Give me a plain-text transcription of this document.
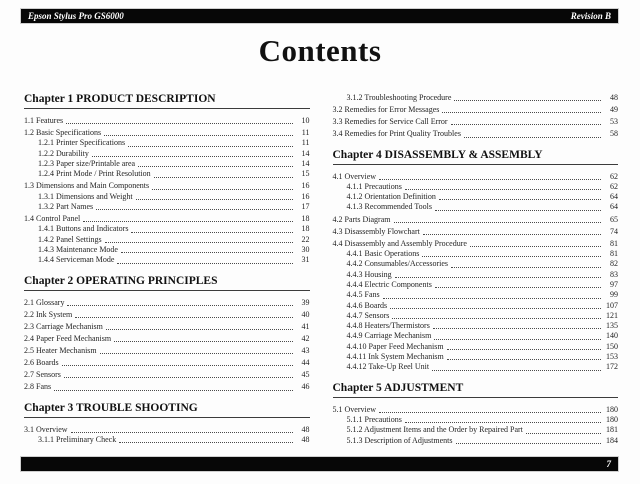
Epson Stylus Pro GS6000	Revision B
Contents
Chapter 1 PRODUCT DESCRIPTION
1.1 Features	10
1.2 Basic Specifications	11
1.2.1 Printer Specifications	11
1.2.2 Durability	14
1.2.3 Paper size/Printable area	14
1.2.4 Print Mode / Print Resolution	15
1.3 Dimensions and Main Components	16
1.3.1 Dimensions and Weight	16
1.3.2 Part Names	17
1.4 Control Panel	18
1.4.1 Buttons and Indicators	18
1.4.2 Panel Settings	22
1.4.3 Maintenance Mode	30
1.4.4 Serviceman Mode	31
Chapter 2 OPERATING PRINCIPLES
2.1 Glossary	39
2.2 Ink System	40
2.3 Carriage Mechanism	41
2.4 Paper Feed Mechanism	42
2.5 Heater Mechanism	43
2.6 Boards	44
2.7 Sensors	45
2.8 Fans	46
Chapter 3 TROUBLE SHOOTING
3.1 Overview	48
3.1.1 Preliminary Check	48
3.1.2 Troubleshooting Procedure	48
3.2 Remedies for Error Messages	49
3.3 Remedies for Service Call Error	53
3.4 Remedies for Print Quality Troubles	58
Chapter 4 DISASSEMBLY & ASSEMBLY
4.1 Overview	62
4.1.1 Precautions	62
4.1.2 Orientation Definition	64
4.1.3 Recommended Tools	64
4.2 Parts Diagram	65
4.3 Disassembly Flowchart	74
4.4 Disassembly and Assembly Procedure	81
4.4.1 Basic Operations	81
4.4.2 Consumables/Accessories	82
4.4.3 Housing	83
4.4.4 Electric Components	97
4.4.5 Fans	99
4.4.6 Boards	107
4.4.7 Sensors	121
4.4.8 Heaters/Thermistors	135
4.4.9 Carriage Mechanism	140
4.4.10 Paper Feed Mechanism	150
4.4.11 Ink System Mechanism	153
4.4.12 Take-Up Reel Unit	172
Chapter 5 ADJUSTMENT
5.1 Overview	180
5.1.1 Precautions	180
5.1.2 Adjustment Items and the Order by Repaired Part	181
5.1.3 Description of Adjustments	184
7
